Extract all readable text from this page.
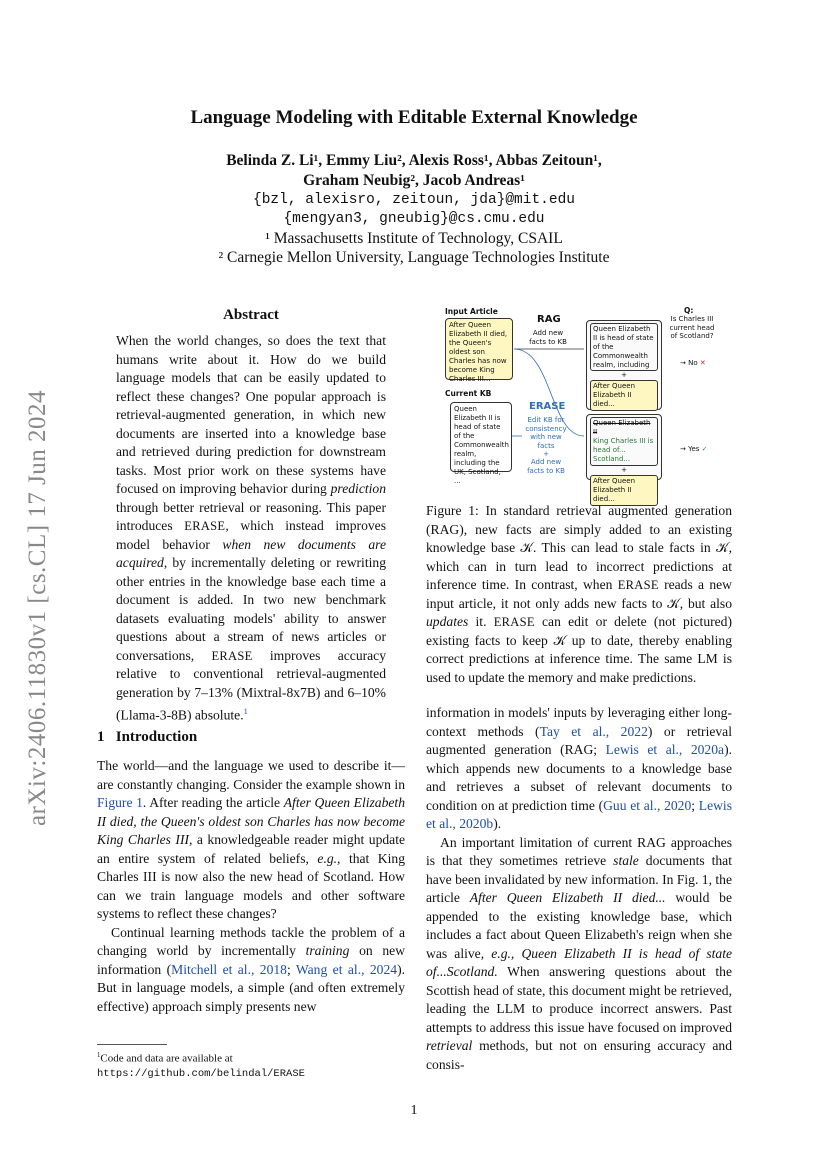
arXiv:2406.11830v1 [cs.CL] 17 Jun 2024
Language Modeling with Editable External Knowledge
Belinda Z. Li¹, Emmy Liu², Alexis Ross¹, Abbas Zeitoun¹,
Graham Neubig², Jacob Andreas¹
{bzl, alexisro, zeitoun, jda}@mit.edu
{mengyan3, gneubig}@cs.cmu.edu
¹ Massachusetts Institute of Technology, CSAIL
² Carnegie Mellon University, Language Technologies Institute
Abstract

When the world changes, so does the text that humans write about it. How do we build language models that can be easily updated to reflect these changes? One popular approach is retrieval-augmented generation, in which new documents are inserted into a knowledge base and retrieved during prediction for downstream tasks. Most prior work on these systems have focused on improving behavior during prediction through better retrieval or reasoning. This paper introduces ERASE, which instead improves model behavior when new documents are acquired, by incrementally deleting or rewriting other entries in the knowledge base each time a document is added. In two new benchmark datasets evaluating models' ability to answer questions about a stream of news articles or conversations, ERASE improves accuracy relative to conventional retrieval-augmented generation by 7–13% (Mixtral-8x7B) and 6–10% (Llama-3-8B) absolute.$^1$

Input Article
After Queen Elizabeth II died, the Queen's oldest son Charles has now become King Charles III...
RAG
Add new facts to KB
Current KB
Queen Elizabeth II is head of state of the Commonwealth realm, including the UK, Scotland, ...
ERASE
Edit KB for consistency with new facts
+
Add new facts to KB
Queen Elizabeth II is head of state of the Commonwealth realm, including
+
After Queen Elizabeth II died...
Queen Elizabeth II
King Charles III is head of... Scotland...
+
After Queen Elizabeth II died...
Q:
Is Charles III current head of Scotland?
→ No ✕
→ Yes ✓
Figure 1: In standard retrieval augmented generation (RAG), new facts are simply added to an existing knowledge base 𝒦. This can lead to stale facts in 𝒦, which can in turn lead to incorrect predictions at inference time. In contrast, when ERASE reads a new input article, it not only adds new facts to 𝒦, but also updates it. ERASE can edit or delete (not pictured) existing facts to keep 𝒦 up to date, thereby enabling correct predictions at inference time. The same LM is used to update the memory and make predictions.
1 Introduction

The world—and the language we used to describe it—are constantly changing. Consider the example shown in Figure 1. After reading the article After Queen Elizabeth II died, the Queen's oldest son Charles has now become King Charles III, a knowledgeable reader might update an entire system of related beliefs, e.g., that King Charles III is now also the new head of Scotland. How can we train language models and other software systems to reflect these changes?

Continual learning methods tackle the problem of a changing world by incrementally training on new information (Mitchell et al., 2018; Wang et al., 2024). But in language models, a simple (and often extremely effective) approach simply presents new

information in models' inputs by leveraging either long-context methods (Tay et al., 2022) or retrieval augmented generation (RAG; Lewis et al., 2020a). which appends new documents to a knowledge base and retrieves a subset of relevant documents to condition on at prediction time (Guu et al., 2020; Lewis et al., 2020b).

An important limitation of current RAG approaches is that they sometimes retrieve stale documents that have been invalidated by new information. In Fig. 1, the article After Queen Elizabeth II died... would be appended to the existing knowledge base, which includes a fact about Queen Elizabeth's reign when she was alive, e.g., Queen Elizabeth II is head of state of...Scotland. When answering questions about the Scottish head of state, this document might be retrieved, leading the LLM to produce incorrect answers. Past attempts to address this issue have focused on improved retrieval methods, but not on ensuring accuracy and consis-

$^1$Code and data are available at https://github.com/belindal/ERASE
1
